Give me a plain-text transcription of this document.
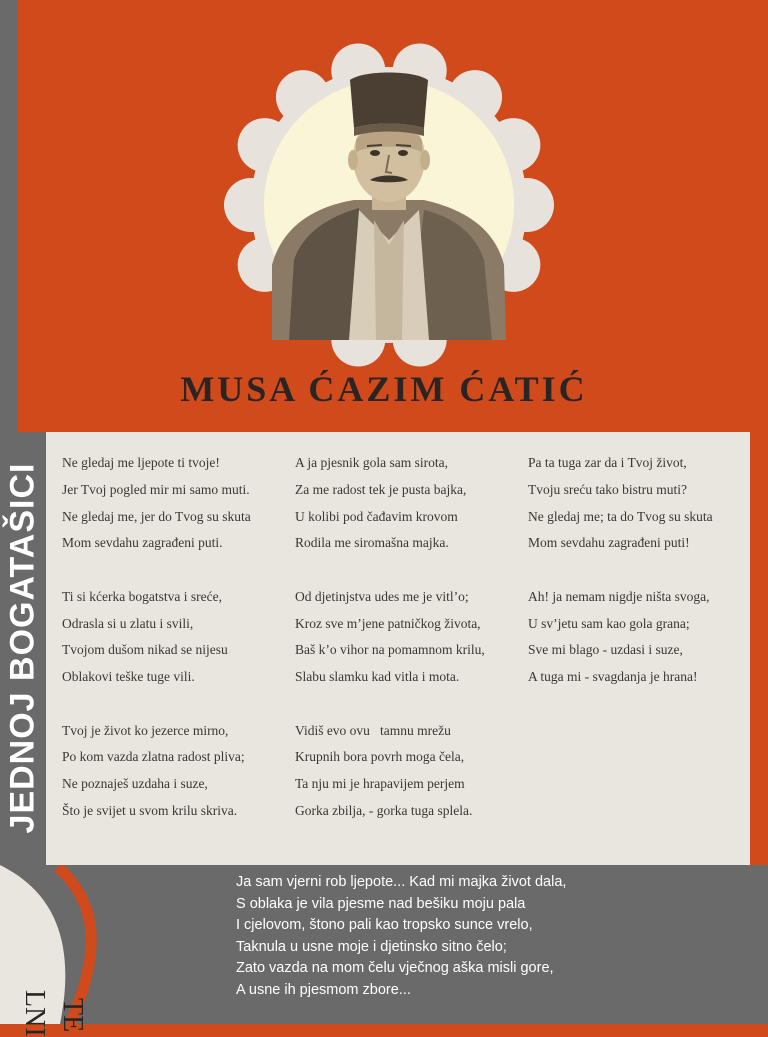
MUSA ĆAZIM ĆATIĆ
JEDNOJ BOGATAŠICI
Ne gledaj me ljepote ti tvoje!
Jer Tvoj pogled mir mi samo muti.
Ne gledaj me, jer do Tvog su skuta
Mom sevdahu zagrađeni puti.
Ti si kćerka bogatstva i sreće,
Odrasla si u zlatu i svili,
Tvojom dušom nikad se nijesu
Oblakovi teške tuge vili.
Tvoj je život ko jezerce mirno,
Po kom vazda zlatna radost pliva;
Ne poznaješ uzdaha i suze,
Što je svijet u svom krilu skriva.
A ja pjesnik gola sam sirota,
Za me radost tek je pusta bajka,
U kolibi pod čađavim krovom
Rodila me siromašna majka.
Od djetinjstva udes me je vitl’o;
Kroz sve m’jene patničkog života,
Baš k’o vihor na pomamnom krilu,
Slabu slamku kad vitla i mota.
Vidiš evo ovu   tamnu mrežu
Krupnih bora povrh moga čela,
Ta nju mi je hrapavijem perjem
Gorka zbilja, - gorka tuga splela.
Pa ta tuga zar da i Tvoj život,
Tvoju sreću tako bistru muti?
Ne gledaj me; ta do Tvog su skuta
Mom sevdahu zagrađeni puti!
Ah! ja nemam nigdje ništa svoga,
U sv’jetu sam kao gola grana;
Sve mi blago - uzdasi i suze,
A tuga mi - svagdanja je hrana!
LNI TE
Ja sam vjerni rob ljepote... Kad mi majka život dala,
S oblaka je vila pjesme nad bešiku moju pala
I cjelovom, štono pali kao tropsko sunce vrelo,
Taknula u usne moje i djetinsko sitno čelo;
Zato vazda na mom čelu vječnog aška misli gore,
A usne ih pjesmom zbore...
